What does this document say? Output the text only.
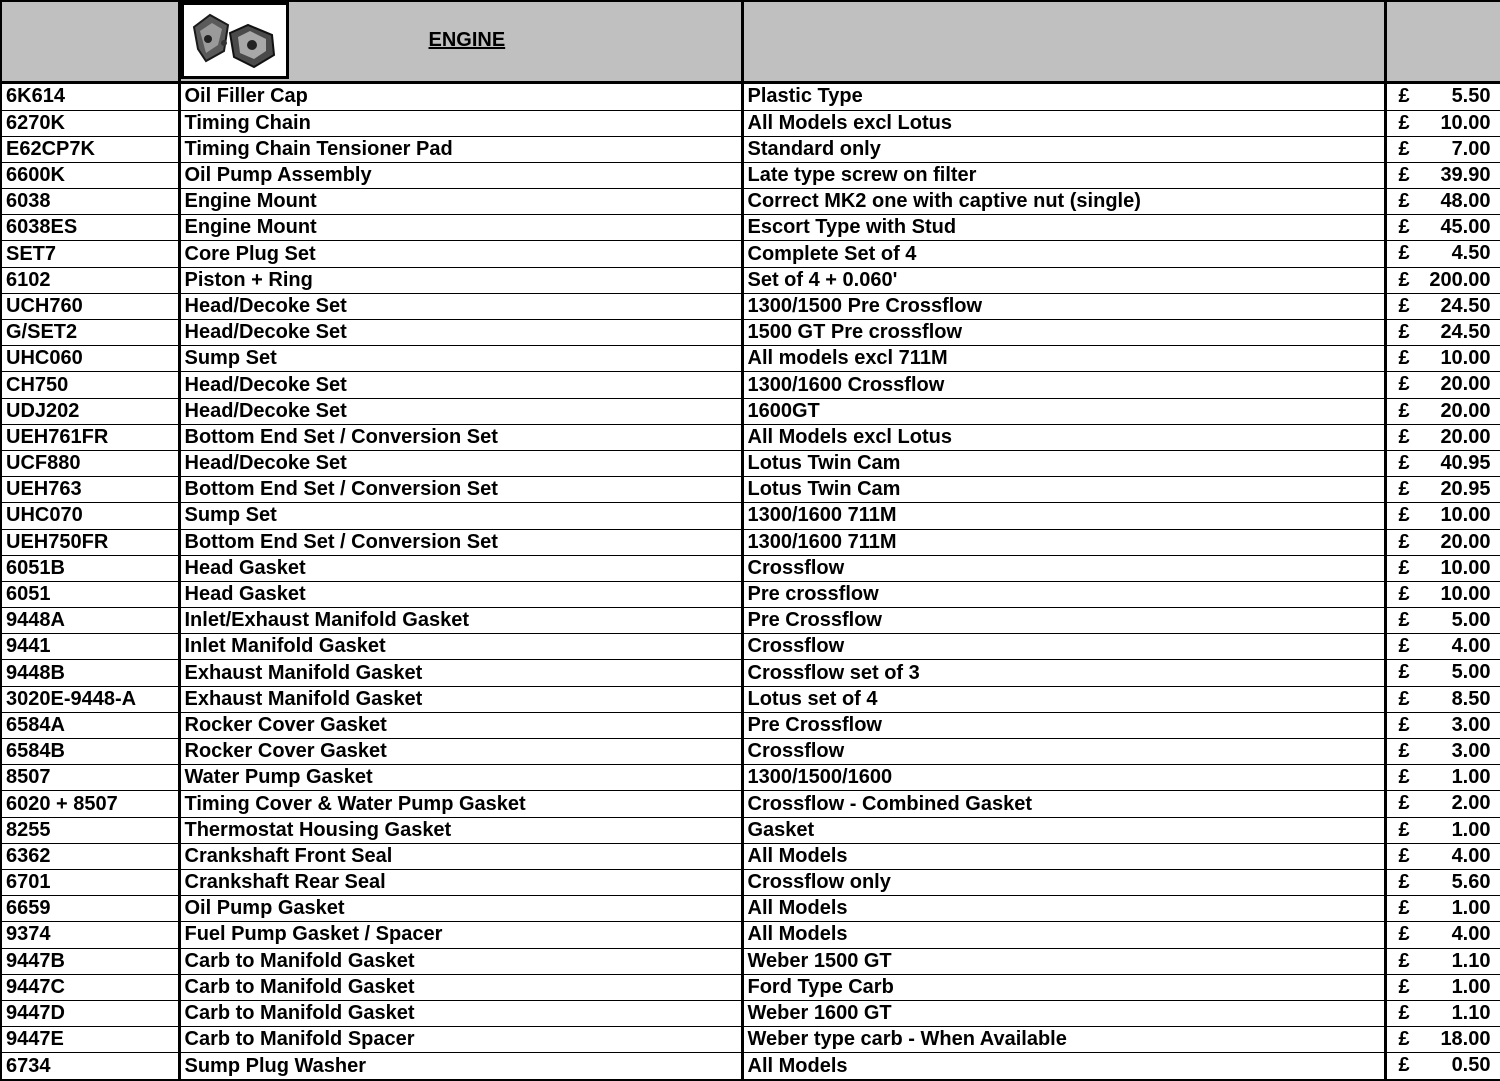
	ENGINE		

6K614	Oil Filler Cap	Plastic Type	£ 5.50

6270K	Timing Chain	All Models excl Lotus	£ 10.00

E62CP7K	Timing Chain Tensioner Pad	Standard only	£ 7.00

6600K	Oil Pump Assembly	Late type screw on filter	£ 39.90

6038	Engine Mount	Correct MK2 one with captive nut (single)	£ 48.00

6038ES	Engine Mount	Escort Type with Stud	£ 45.00

SET7	Core Plug Set	Complete Set of 4	£ 4.50

6102	Piston + Ring	Set of 4 + 0.060'	£ 200.00

UCH760	Head/Decoke Set	1300/1500 Pre Crossflow	£ 24.50

G/SET2	Head/Decoke Set	1500 GT Pre crossflow	£ 24.50

UHC060	Sump Set	All models excl 711M	£ 10.00

CH750	Head/Decoke Set	1300/1600 Crossflow	£ 20.00

UDJ202	Head/Decoke Set	1600GT	£ 20.00

UEH761FR	Bottom End Set / Conversion Set	All Models excl Lotus	£ 20.00

UCF880	Head/Decoke Set	Lotus Twin Cam	£ 40.95

UEH763	Bottom End Set / Conversion Set	Lotus Twin Cam	£ 20.95

UHC070	Sump Set	1300/1600 711M	£ 10.00

UEH750FR	Bottom End Set / Conversion Set	1300/1600 711M	£ 20.00

6051B	Head Gasket	Crossflow	£ 10.00

6051	Head Gasket	Pre crossflow	£ 10.00

9448A	Inlet/Exhaust Manifold Gasket	Pre Crossflow	£ 5.00

9441	Inlet Manifold Gasket	Crossflow	£ 4.00

9448B	Exhaust Manifold Gasket	Crossflow set of 3	£ 5.00

3020E-9448-A	Exhaust Manifold Gasket	Lotus set of 4	£ 8.50

6584A	Rocker Cover Gasket	Pre Crossflow	£ 3.00

6584B	Rocker Cover Gasket	Crossflow	£ 3.00

8507	Water Pump Gasket	1300/1500/1600	£ 1.00

6020 + 8507	Timing Cover & Water Pump Gasket	Crossflow - Combined Gasket	£ 2.00

8255	Thermostat Housing Gasket	Gasket	£ 1.00

6362	Crankshaft Front Seal	All Models	£ 4.00

6701	Crankshaft Rear Seal	Crossflow only	£ 5.60

6659	Oil Pump Gasket	All Models	£ 1.00

9374	Fuel Pump Gasket / Spacer	All Models	£ 4.00

9447B	Carb to Manifold Gasket	Weber 1500 GT	£ 1.10

9447C	Carb to Manifold Gasket	Ford Type Carb	£ 1.00

9447D	Carb to Manifold Gasket	Weber 1600 GT	£ 1.10

9447E	Carb to Manifold Spacer	Weber type carb - When Available	£ 18.00

6734	Sump Plug Washer	All Models	£ 0.50
